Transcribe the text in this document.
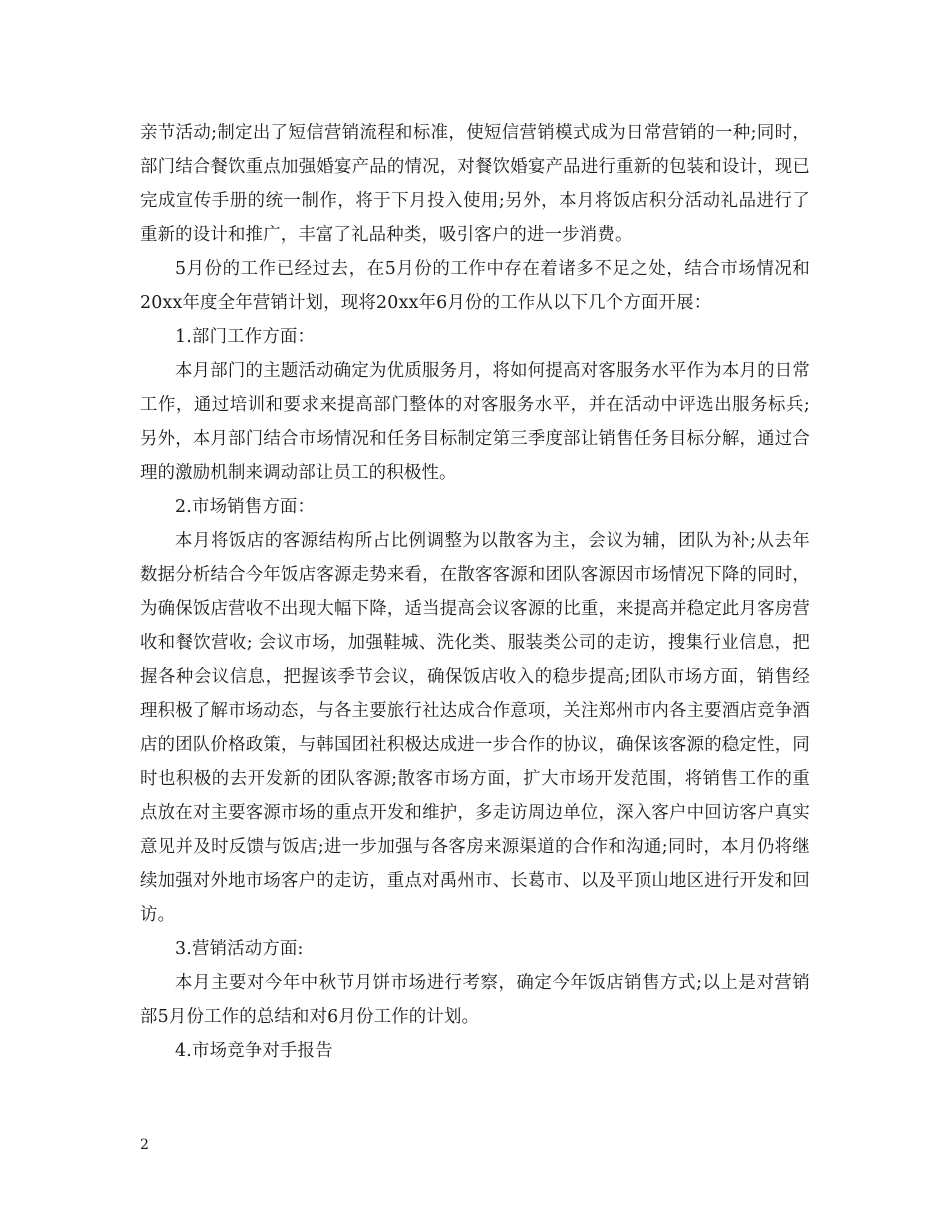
亲节活动;制定出了短信营销流程和标准，使短信营销模式成为日常营销的一种;同时，部门结合餐饮重点加强婚宴产品的情况，对餐饮婚宴产品进行重新的包装和设计，现已完成宣传手册的统一制作，将于下月投入使用;另外，本月将饭店积分活动礼品进行了重新的设计和推广，丰富了礼品种类，吸引客户的进一步消费。

5月份的工作已经过去，在5月份的工作中存在着诸多不足之处，结合市场情况和20xx年度全年营销计划，现将20xx年6月份的工作从以下几个方面开展：

1.部门工作方面：

本月部门的主题活动确定为优质服务月，将如何提高对客服务水平作为本月的日常工作，通过培训和要求来提高部门整体的对客服务水平，并在活动中评选出服务标兵;另外，本月部门结合市场情况和任务目标制定第三季度部让销售任务目标分解，通过合理的激励机制来调动部让员工的积极性。

2.市场销售方面：

本月将饭店的客源结构所占比例调整为以散客为主，会议为辅，团队为补;从去年数据分析结合今年饭店客源走势来看，在散客客源和团队客源因市场情况下降的同时，为确保饭店营收不出现大幅下降，适当提高会议客源的比重，来提高并稳定此月客房营收和餐饮营收; 会议市场，加强鞋城、洗化类、服装类公司的走访，搜集行业信息，把握各种会议信息，把握该季节会议，确保饭店收入的稳步提高;团队市场方面，销售经理积极了解市场动态，与各主要旅行社达成合作意项，关注郑州市内各主要酒店竞争酒店的团队价格政策，与韩国团社积极达成进一步合作的协议，确保该客源的稳定性，同时也积极的去开发新的团队客源;散客市场方面，扩大市场开发范围，将销售工作的重点放在对主要客源市场的重点开发和维护，多走访周边单位，深入客户中回访客户真实意见并及时反馈与饭店;进一步加强与各客房来源渠道的合作和沟通;同时，本月仍将继续加强对外地市场客户的走访，重点对禹州市、长葛市、以及平顶山地区进行开发和回访。

3.营销活动方面:

本月主要对今年中秋节月饼市场进行考察，确定今年饭店销售方式;以上是对营销部5月份工作的总结和对6月份工作的计划。

4.市场竞争对手报告

2
